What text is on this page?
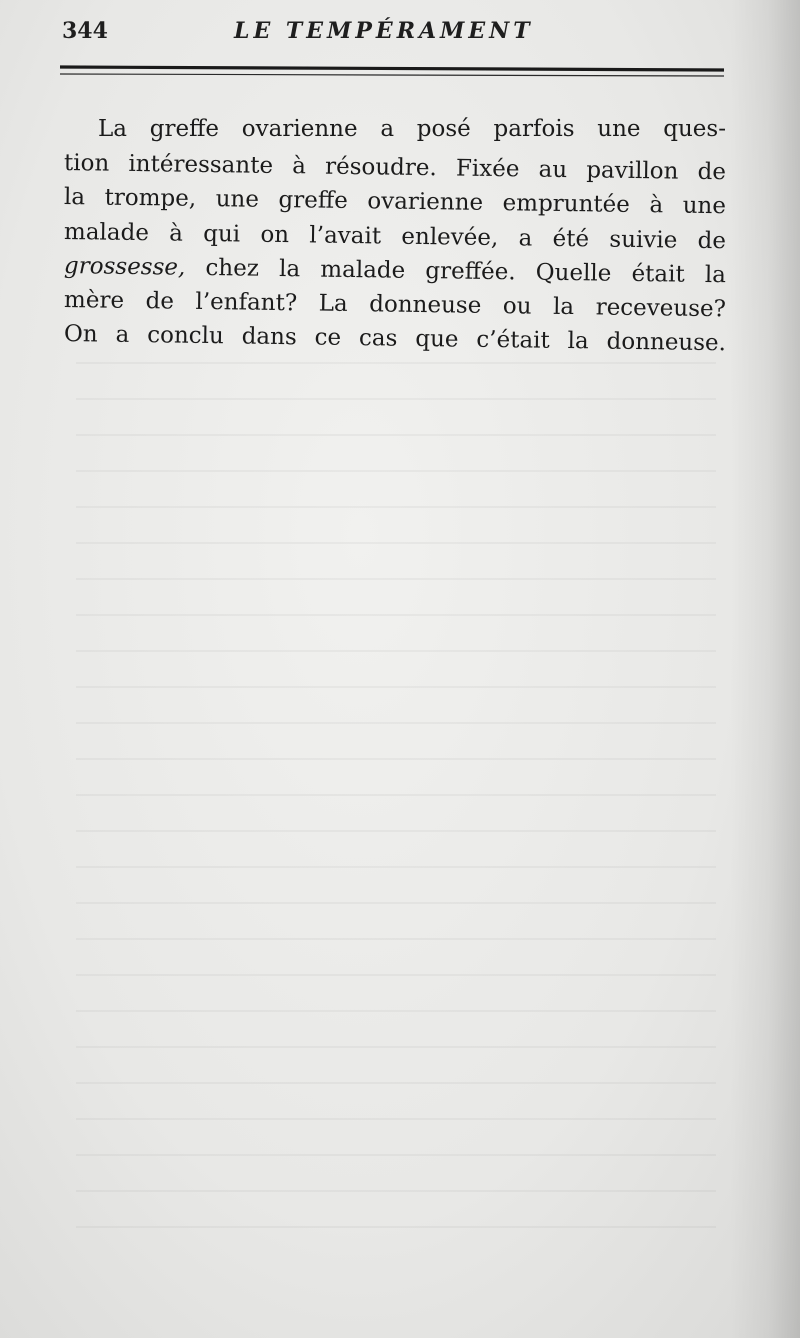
344	LE TEMPÉRAMENT
La greffe ovarienne a posé parfois une ques-
tion intéressante à résoudre. Fixée au pavillon de
la trompe, une greffe ovarienne empruntée à une
malade à qui on l’avait enlevée, a été suivie de
grossesse, chez la malade greffée. Quelle était la
mère de l’enfant? La donneuse ou la receveuse?
On a conclu dans ce cas que c’était la donneuse.
